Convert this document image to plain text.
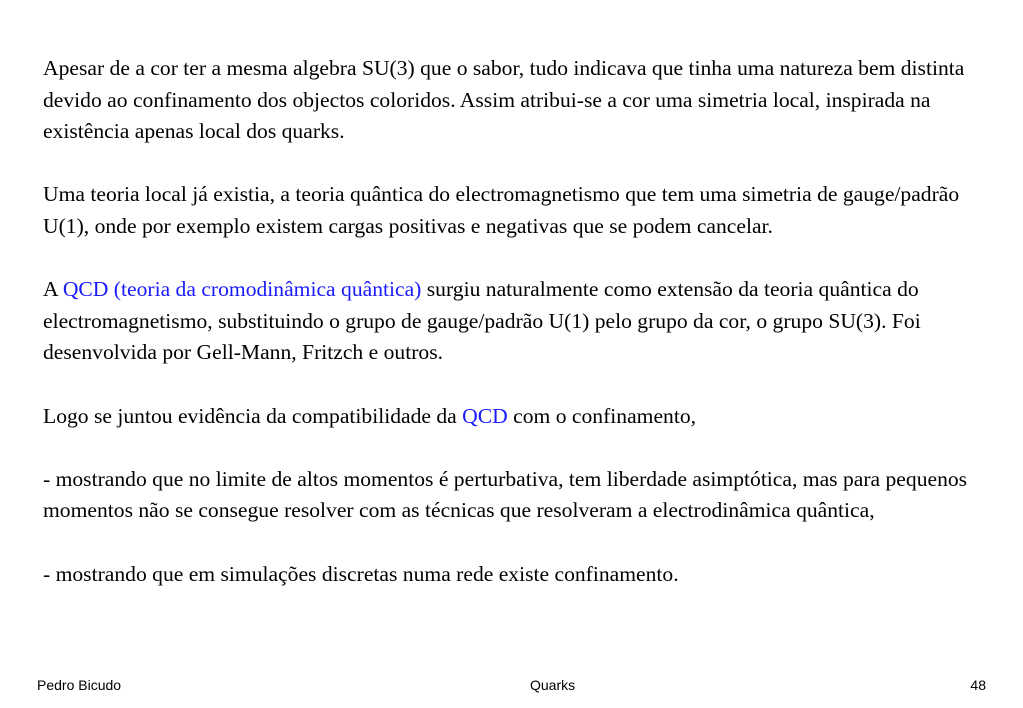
Apesar de a cor ter a mesma algebra SU(3) que o sabor, tudo indicava que tinha uma natureza bem distinta devido ao confinamento dos objectos coloridos. Assim atribui-se a cor uma simetria local, inspirada na existência apenas local dos quarks.

Uma teoria local já existia, a teoria quântica do electromagnetismo que tem uma simetria de gauge/padrão U(1), onde por exemplo existem cargas positivas e negativas que se podem cancelar.

A QCD (teoria da cromodinâmica quântica) surgiu naturalmente como extensão da teoria quântica do electromagnetismo, substituindo o grupo de gauge/padrão U(1) pelo grupo da cor, o grupo SU(3). Foi desenvolvida por Gell-Mann, Fritzch e outros.

Logo se juntou evidência da compatibilidade da QCD com o confinamento,

- mostrando que no limite de altos momentos é perturbativa, tem liberdade asimptótica, mas para pequenos momentos não se consegue resolver com as técnicas que resolveram a electrodinâmica quântica,

- mostrando que em simulações discretas numa rede existe confinamento.

Pedro Bicudo	Quarks	48
